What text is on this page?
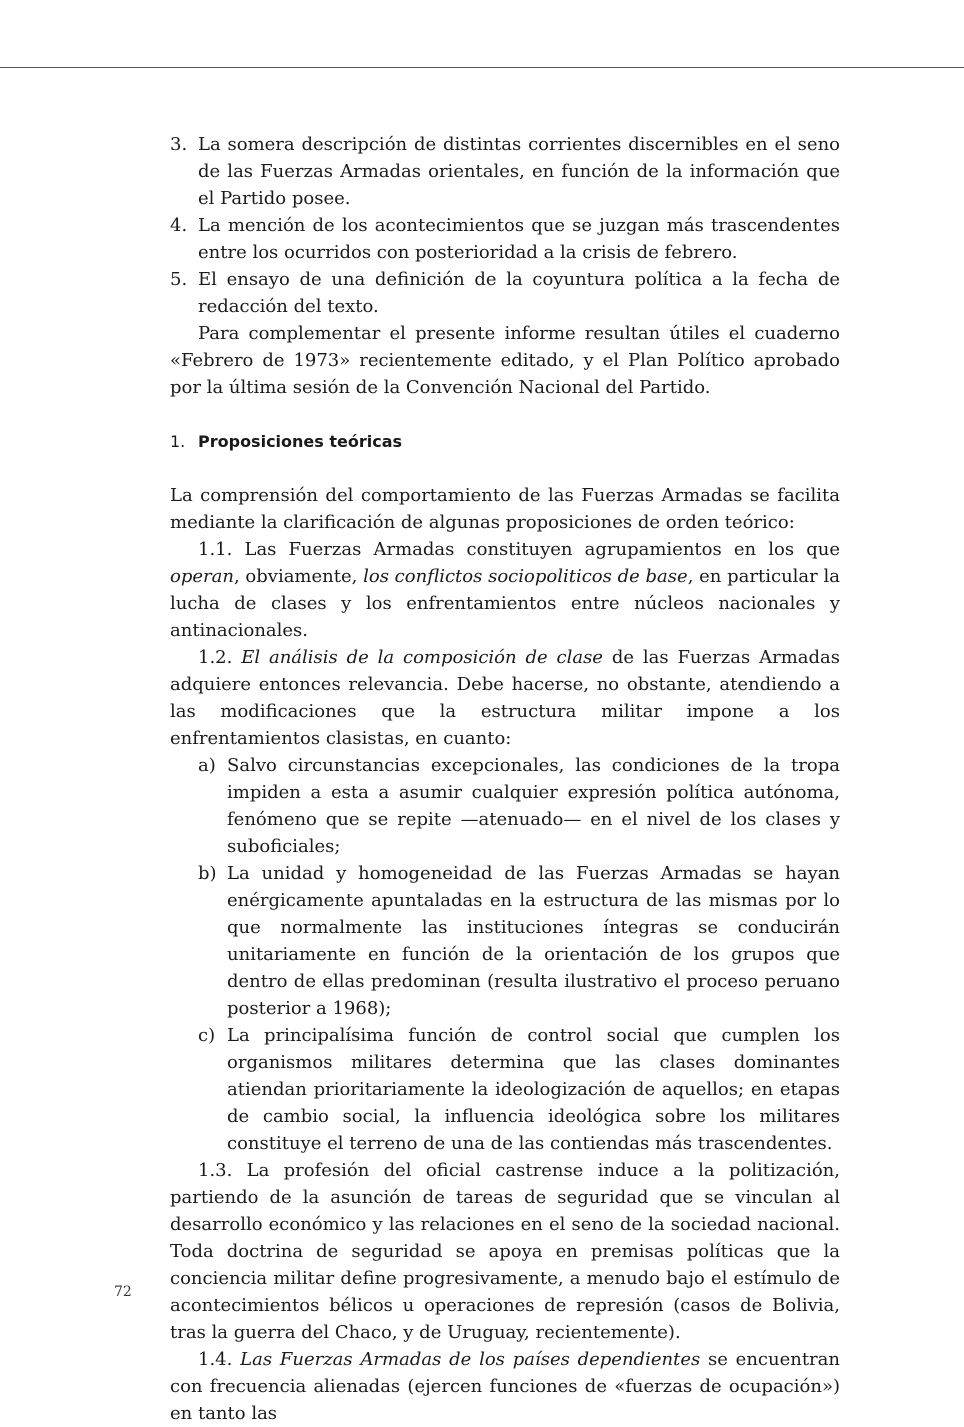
3. La somera descripción de distintas corrientes discernibles en el seno de las Fuerzas Armadas orientales, en función de la información que el Partido posee.
4. La mención de los acontecimientos que se juzgan más trascendentes entre los ocurridos con posterioridad a la crisis de febrero.
5. El ensayo de una definición de la coyuntura política a la fecha de redacción del texto.

Para complementar el presente informe resultan útiles el cuaderno «Febrero de 1973» recientemente editado, y el Plan Político aprobado por la última sesión de la Convención Nacional del Partido.

1. Proposiciones teóricas

La comprensión del comportamiento de las Fuerzas Armadas se facilita mediante la clarificación de algunas proposiciones de orden teórico:

1.1. Las Fuerzas Armadas constituyen agrupamientos en los que operan, obviamente, los conflictos sociopoliticos de base, en particular la lucha de clases y los enfrentamientos entre núcleos nacionales y antinacionales.

1.2. El análisis de la composición de clase de las Fuerzas Armadas adquiere entonces relevancia. Debe hacerse, no obstante, atendiendo a las modificaciones que la estructura militar impone a los enfrentamientos clasistas, en cuanto:

a) Salvo circunstancias excepcionales, las condiciones de la tropa impiden a esta a asumir cualquier expresión política autónoma, fenómeno que se repite —atenuado— en el nivel de los clases y suboficiales;
b) La unidad y homogeneidad de las Fuerzas Armadas se hayan enérgicamente apuntaladas en la estructura de las mismas por lo que normalmente las instituciones íntegras se conducirán unitariamente en función de la orientación de los grupos que dentro de ellas predominan (resulta ilustrativo el proceso peruano posterior a 1968);
c) La principalísima función de control social que cumplen los organismos militares determina que las clases dominantes atiendan prioritariamente la ideologización de aquellos; en etapas de cambio social, la influencia ideológica sobre los militares constituye el terreno de una de las contiendas más trascendentes.

1.3. La profesión del oficial castrense induce a la politización, partiendo de la asunción de tareas de seguridad que se vinculan al desarrollo económico y las relaciones en el seno de la sociedad nacional. Toda doctrina de seguridad se apoya en premisas políticas que la conciencia militar define progresivamente, a menudo bajo el estímulo de acontecimientos bélicos u operaciones de represión (casos de Bolivia, tras la guerra del Chaco, y de Uruguay, recientemente).

1.4. Las Fuerzas Armadas de los países dependientes se encuentran con frecuencia alienadas (ejercen funciones de «fuerzas de ocupación») en tanto las

72
